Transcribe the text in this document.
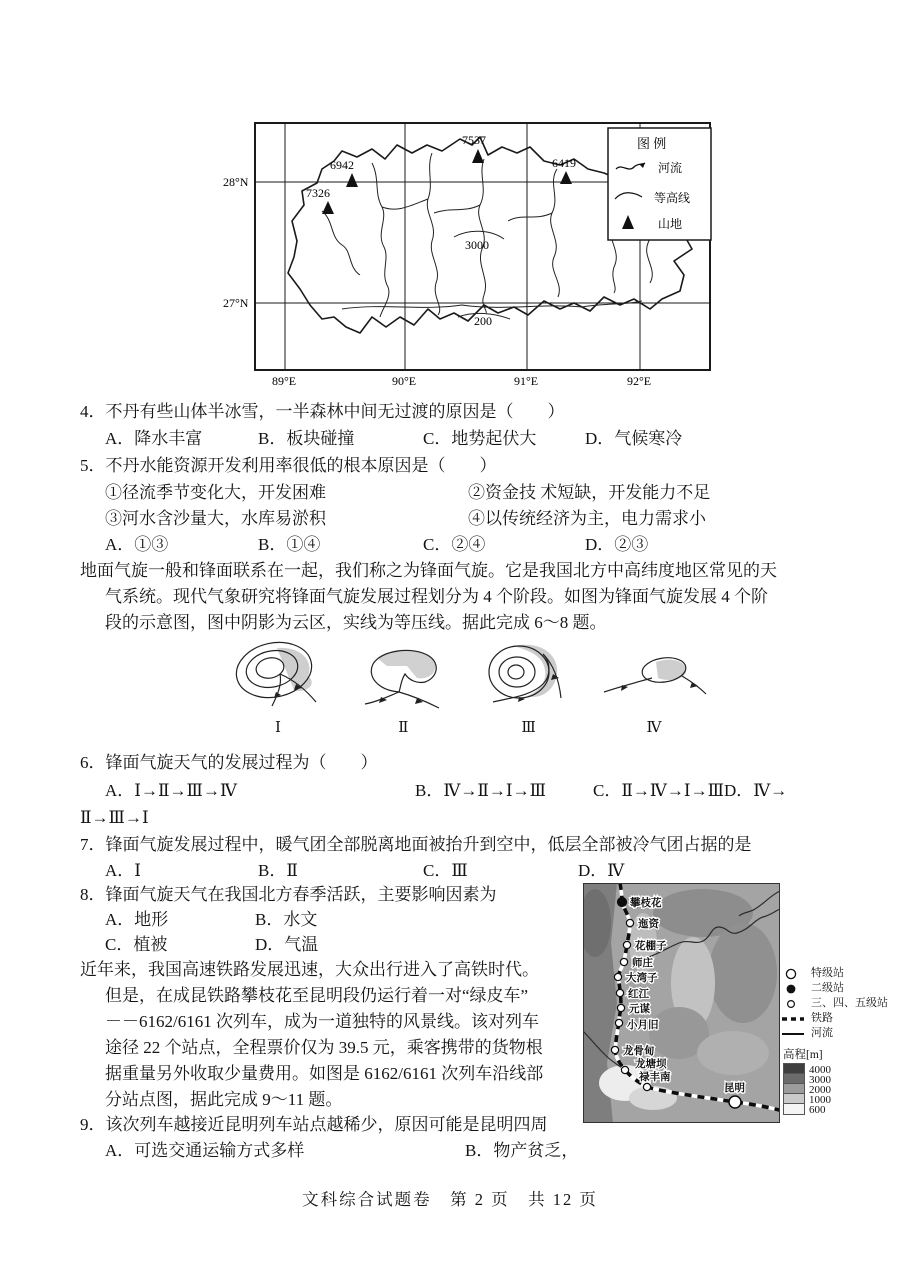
3000
200
7537
6942
7326
6419
28°N
27°N
89°E	90°E	91°E	92°E
图 例
河流
等高线
山地
4．不丹有些山体半冰雪，一半森林中间无过渡的原因是（　　）
A．降水丰富	B．板块碰撞	C．地势起伏大	D．气候寒冷
5．不丹水能资源开发利用率很低的根本原因是（　　）
①径流季节变化大，开发困难	②资金技 术短缺，开发能力不足
③河水含沙量大，水库易淤积	④以传统经济为主，电力需求小
A．①③	B．①④	C．②④	D．②③
地面气旋一般和锋面联系在一起，我们称之为锋面气旋。它是我国北方中高纬度地区常见的天
气系统。现代气象研究将锋面气旋发展过程划分为 4 个阶段。如图为锋面气旋发展 4 个阶
段的示意图，图中阴影为云区，实线为等压线。据此完成 6～8 题。
Ⅰ	Ⅱ	Ⅲ	Ⅳ
6．锋面气旋天气的发展过程为（　　）
A．Ⅰ→Ⅱ→Ⅲ→Ⅳ	B．Ⅳ→Ⅱ→Ⅰ→Ⅲ	C．Ⅱ→Ⅳ→Ⅰ→ⅢD．Ⅳ→
Ⅱ→Ⅲ→Ⅰ
7．锋面气旋发展过程中，暖气团全部脱离地面被抬升到空中，低层全部被冷气团占据的是
A．Ⅰ	B．Ⅱ	C．Ⅲ	D．Ⅳ
8．锋面气旋天气在我国北方春季活跃，主要影响因素为
A．地形	B．水文
C．植被	D．气温
近年来，我国高速铁路发展迅速，大众出行进入了高铁时代。
但是，在成昆铁路攀枝花至昆明段仍运行着一对“绿皮车”
－－6162/6161 次列车，成为一道独特的风景线。该对列车
途径 22 个站点，全程票价仅为 39.5 元，乘客携带的货物根
据重量另外收取少量费用。如图是 6162/6161 次列车沿线部
分站点图，据此完成 9～11 题。
9．该次列车越接近昆明列车站点越稀少，原因可能是昆明四周
A．可选交通运输方式多样	B．物产贫乏，
攀枝花
迤资
花棚子
师庄
大湾子
红江
元谋
小月旧
龙骨甸
龙塘坝
禄丰南
昆明
特级站
二级站
三、四、五级站
铁路
河流
高程[m]
4000
3000
2000
1000
600
文科综合试题卷　第 2 页　共 12 页
